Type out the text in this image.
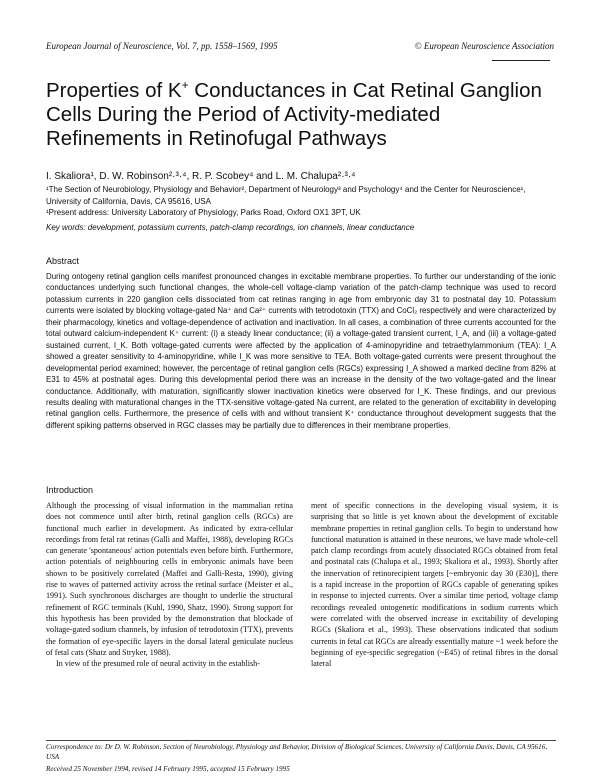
European Journal of Neuroscience, Vol. 7, pp. 1558–1569, 1995	© European Neuroscience Association
Properties of K+ Conductances in Cat Retinal Ganglion Cells During the Period of Activity-mediated Refinements in Retinofugal Pathways
I. Skaliora¹, D. W. Robinson²·³·⁴, R. P. Scobey⁴ and L. M. Chalupa²·³·⁴
¹The Section of Neurobiology, Physiology and Behavior², Department of Neurology³ and Psychology⁴ and the Center for Neuroscience¹, University of California, Davis, CA 95616, USA
¹Present address: University Laboratory of Physiology, Parks Road, Oxford OX1 3PT, UK
Key words: development, potassium currents, patch-clamp recordings, ion channels, linear conductance
Abstract

During ontogeny retinal ganglion cells manifest pronounced changes in excitable membrane properties. To further our understanding of the ionic conductances underlying such functional changes, the whole-cell voltage-clamp variation of the patch-clamp technique was used to record potassium currents in 220 ganglion cells dissociated from cat retinas ranging in age from embryonic day 31 to postnatal day 10. Potassium currents were isolated by blocking voltage-gated Na⁺ and Ca²⁺ currents with tetrodotoxin (TTX) and CoCl₂ respectively and were characterized by their pharmacology, kinetics and voltage-dependence of activation and inactivation. In all cases, a combination of three currents accounted for the total outward calcium-independent K⁺ current: (i) a steady linear conductance; (ii) a voltage-gated transient current, I_A, and (iii) a voltage-gated sustained current, I_K. Both voltage-gated currents were affected by the application of 4-aminopyridine and tetraethylammonium (TEA): I_A showed a greater sensitivity to 4-aminopyridine, while I_K was more sensitive to TEA. Both voltage-gated currents were present throughout the developmental period examined; however, the percentage of retinal ganglion cells (RGCs) expressing I_A showed a marked decline from 82% at E31 to 45% at postnatal ages. During this developmental period there was an increase in the density of the two voltage-gated and the linear conductance. Additionally, with maturation, significantly slower inactivation kinetics were observed for I_K. These findings, and our previous results dealing with maturational changes in the TTX-sensitive voltage-gated Na current, are related to the generation of excitability in developing retinal ganglion cells. Furthermore, the presence of cells with and without transient K⁺ conductance throughout development suggests that the different spiking patterns observed in RGC classes may be partially due to differences in their membrane properties.

Introduction

Although the processing of visual information in the mammalian retina does not commence until after birth, retinal ganglion cells (RGCs) are functional much earlier in development. As indicated by extra-cellular recordings from fetal rat retinas (Galli and Maffei, 1988), developing RGCs can generate 'spontaneous' action potentials even before birth. Furthermore, action potentials of neighbouring cells in embryonic animals have been shown to be positively correlated (Maffei and Galli-Resta, 1990), giving rise to waves of patterned activity across the retinal surface (Meister et al., 1991). Such synchronous discharges are thought to underlie the structural refinement of RGC terminals (Kuhl, 1990, Shatz, 1990). Strong support for this hypothesis has been provided by the demonstration that blockade of voltage-gated sodium channels, by infusion of tetrodotoxin (TTX), prevents the formation of eye-specific layers in the dorsal lateral geniculate nucleus of fetal cats (Shatz and Stryker, 1988).

In view of the presumed role of neural activity in the establish-

ment of specific connections in the developing visual system, it is surprising that so little is yet known about the development of excitable membrane properties in retinal ganglion cells. To begin to understand how functional maturation is attained in these neurons, we have made whole-cell patch clamp recordings from acutely dissociated RGCs obtained from fetal and postnatal cats (Chalupa et al., 1993; Skaliora et al., 1993). Shortly after the innervation of retinorecipient targets [~embryonic day 30 (E30)], there is a rapid increase in the proportion of RGCs capable of generating spikes in response to injected currents. Over a similar time period, voltage clamp recordings revealed ontogenetic modifications in sodium currents which were correlated with the observed increase in excitability of developing RGCs (Skaliora et al., 1993). These observations indicated that sodium currents in fetal cat RGCs are already essentially mature ~1 week before the beginning of eye-specific segregation (~E45) of retinal fibres in the dorsal lateral

Correspondence to: Dr D. W. Robinson, Section of Neurobiology, Physiology and Behavior, Division of Biological Sciences, University of California Davis, Davis, CA 95616, USA
Received 25 November 1994, revised 14 February 1995, accepted 15 February 1995
